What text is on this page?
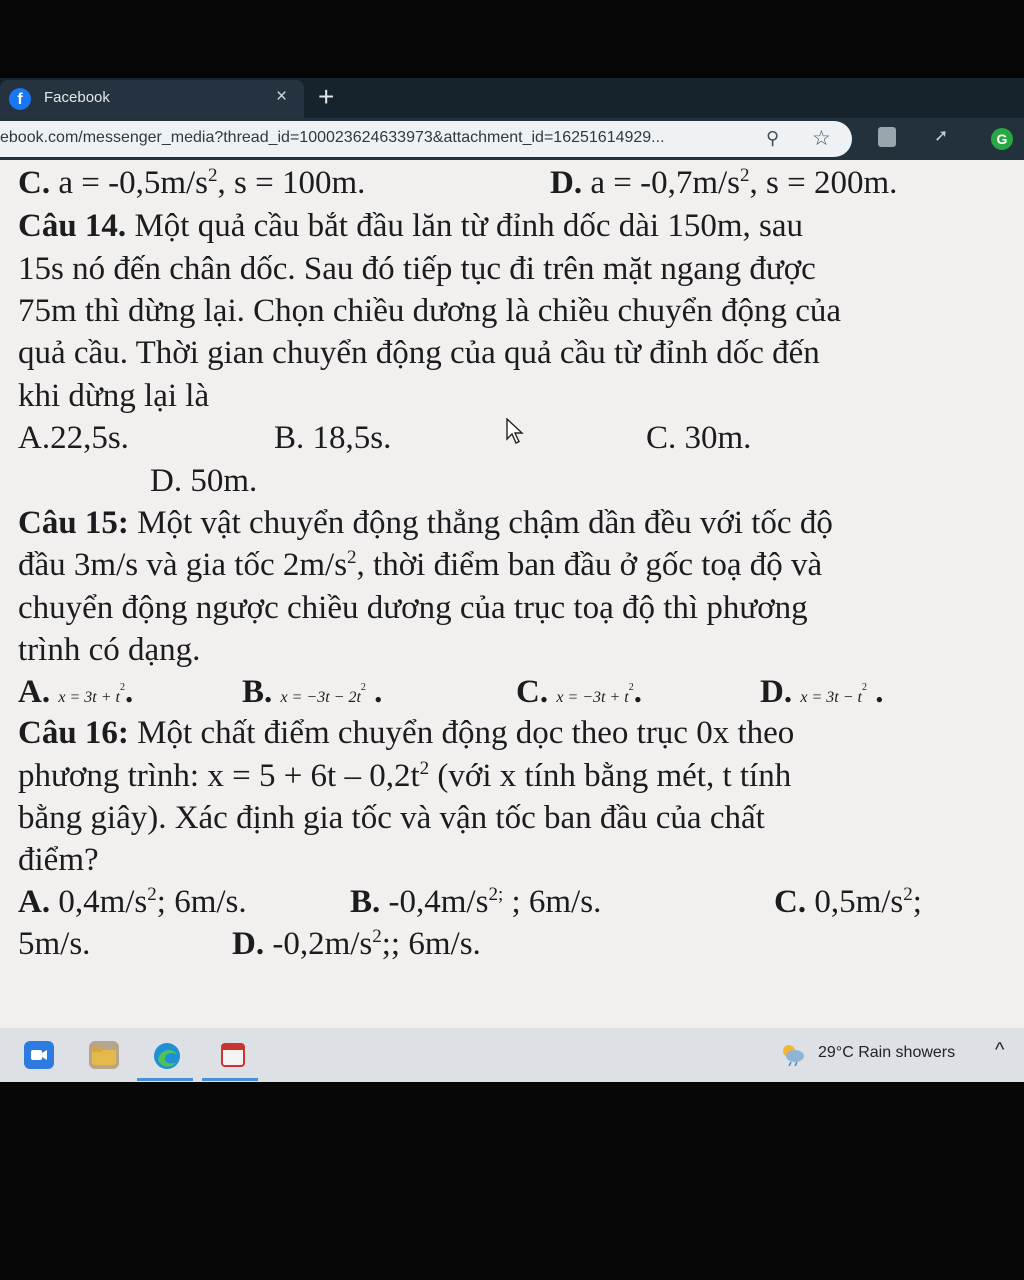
f	Facebook	× +
ebook.com/messenger_media?thread_id=100023624633973&attachment_id=16251614929...	⚲ ☆	➚	G
C. $a = -0,5m/s^2$, s = 100m.	D. $a = -0,7m/s^2$, s = 200m.
Câu 14. Một quả cầu bắt đầu lăn từ đỉnh dốc dài 150m, sau
15s nó đến chân dốc. Sau đó tiếp tục đi trên mặt ngang được
75m thì dừng lại. Chọn chiều dương là chiều chuyển động của
quả cầu. Thời gian chuyển động của quả cầu từ đỉnh dốc đến
khi dừng lại là
A.22,5s.	B. 18,5s.	C. 30m.
D. 50m.
Câu 15: Một vật chuyển động thẳng chậm dần đều với tốc độ
đầu 3m/s và gia tốc $2m/s^2$, thời điểm ban đầu ở gốc toạ độ và
chuyển động ngược chiều dương của trục toạ độ thì phương
trình có dạng.
A. $x = 3t + t^2$.	B. $x = -3t - 2t^2$ .	C. $x = -3t + t^2$.	D. $x = 3t - t^2$ .
Câu 16: Một chất điểm chuyển động dọc theo trục 0x theo
phương trình: $x = 5 + 6t - 0,2t^2$ (với x tính bằng mét, t tính
bằng giây). Xác định gia tốc và vận tốc ban đầu của chất
điểm?
A. $0,4m/s^2$; 6m/s.	B. $-0,4m/s^{2;}$ ; 6m/s.	C. $0,5m/s^2$;
5m/s.	D. $-0,2m/s^2$;; 6m/s.
29°C Rain showers ^
